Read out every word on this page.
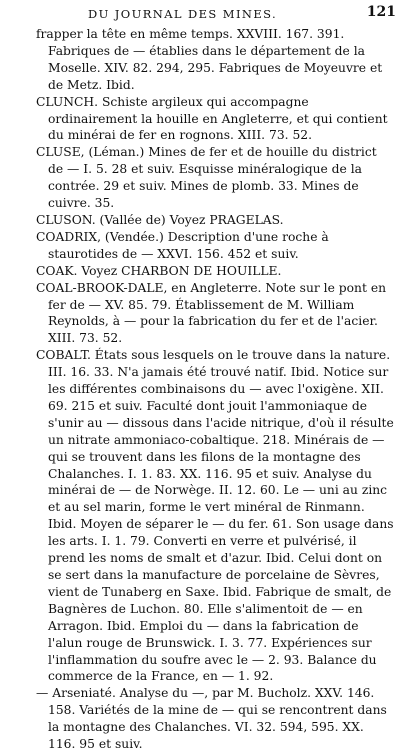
DU JOURNAL DES MINES.	121

frapper la tête en même temps. XXVIII. 167. 391. Fabriques de — établies dans le département de la Moselle. XIV. 82. 294, 295. Fabriques de Moyeuvre et de Metz. Ibid.

CLUNCH. Schiste argileux qui accompagne ordinairement la houille en Angleterre, et qui contient du minérai de fer en rognons. XIII. 73. 52.

CLUSE, (Léman.) Mines de fer et de houille du district de — I. 5. 28 et suiv. Esquisse minéralogique de la contrée. 29 et suiv. Mines de plomb. 33. Mines de cuivre. 35.

CLUSON. (Vallée de) Voyez PRAGELAS.

COADRIX, (Vendée.) Description d'une roche à staurotides de — XXVI. 156. 452 et suiv.

COAK. Voyez CHARBON DE HOUILLE.

COAL-BROOK-DALE, en Angleterre. Note sur le pont en fer de — XV. 85. 79. Établissement de M. William Reynolds, à — pour la fabrication du fer et de l'acier. XIII. 73. 52.

COBALT. États sous lesquels on le trouve dans la nature. III. 16. 33. N'a jamais été trouvé natif. Ibid. Notice sur les différentes combinaisons du — avec l'oxigène. XII. 69. 215 et suiv. Faculté dont jouit l'ammoniaque de s'unir au — dissous dans l'acide nitrique, d'où il résulte un nitrate ammoniaco-cobaltique. 218. Minérais de — qui se trouvent dans les filons de la montagne des Chalanches. I. 1. 83. XX. 116. 95 et suiv. Analyse du minérai de — de Norwège. II. 12. 60. Le — uni au zinc et au sel marin, forme le vert minéral de Rinmann. Ibid. Moyen de séparer le — du fer. 61. Son usage dans les arts. I. 1. 79. Converti en verre et pulvérisé, il prend les noms de smalt et d'azur. Ibid. Celui dont on se sert dans la manufacture de porcelaine de Sèvres, vient de Tunaberg en Saxe. Ibid. Fabrique de smalt, de Bagnères de Luchon. 80. Elle s'alimentoit de — en Arragon. Ibid. Emploi du — dans la fabrication de l'alun rouge de Brunswick. I. 3. 77. Expériences sur l'inflammation du soufre avec le — 2. 93. Balance du commerce de la France, en — 1. 92.

— Arseniaté. Analyse du —, par M. Bucholz. XXV. 146. 158. Variétés de la mine de — qui se rencontrent dans la montagne des Chalanches. VI. 32. 594, 595. XX. 116. 95 et suiv.
